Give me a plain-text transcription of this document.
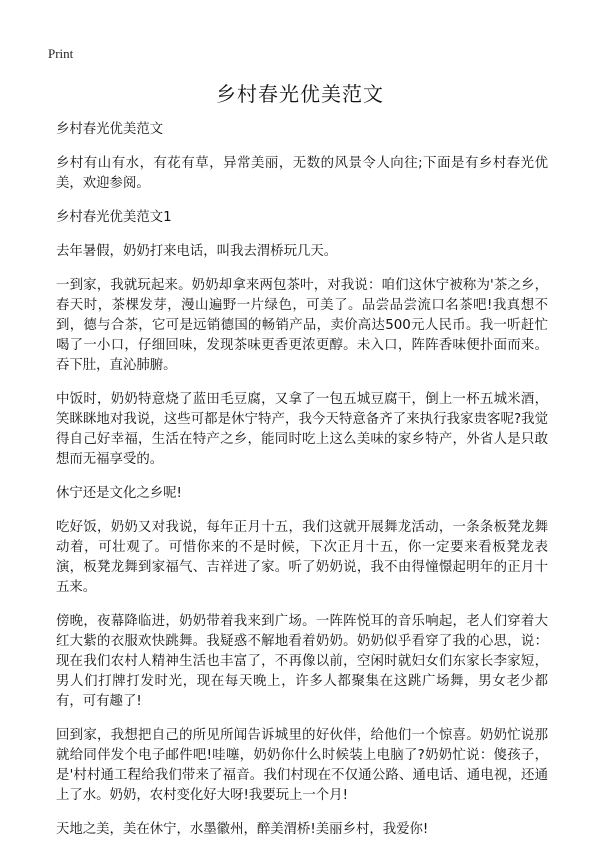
Print
乡村春光优美范文

乡村春光优美范文

乡村有山有水，有花有草，异常美丽，无数的风景令人向往;下面是有乡村春光优美，欢迎参阅。

乡村春光优美范文1

去年暑假，奶奶打来电话，叫我去渭桥玩几天。

一到家，我就玩起来。奶奶却拿来两包茶叶，对我说：咱们这休宁被称为'茶之乡，春天时，茶棵发芽，漫山遍野一片绿色，可美了。品尝品尝流口名茶吧!我真想不到，德与合茶，它可是远销德国的畅销产品，卖价高达500元人民币。我一听赶忙喝了一小口，仔细回味，发现茶味更香更浓更醇。未入口，阵阵香味便扑面而来。吞下肚，直沁肺腑。

中饭时，奶奶特意烧了蓝田毛豆腐，又拿了一包五城豆腐干，倒上一杯五城米酒，笑眯眯地对我说，这些可都是休宁特产，我今天特意备齐了来执行我家贵客呢?我觉得自己好幸福，生活在特产之乡，能同时吃上这么美味的家乡特产，外省人是只敢想而无福享受的。

休宁还是文化之乡呢!

吃好饭，奶奶又对我说，每年正月十五，我们这就开展舞龙活动，一条条板凳龙舞动着，可壮观了。可惜你来的不是时候，下次正月十五，你一定要来看板凳龙表演，板凳龙舞到家福气、吉祥进了家。听了奶奶说，我不由得憧憬起明年的正月十五来。

傍晚，夜幕降临进，奶奶带着我来到广场。一阵阵悦耳的音乐响起，老人们穿着大红大紫的衣服欢快跳舞。我疑惑不解地看着奶奶。奶奶似乎看穿了我的心思，说：现在我们农村人精神生活也丰富了，不再像以前，空闲时就妇女们东家长李家短，男人们打牌打发时光，现在每天晚上，许多人都聚集在这跳广场舞，男女老少都有，可有趣了!

回到家，我想把自己的所见所闻告诉城里的好伙伴，给他们一个惊喜。奶奶忙说那就给同伴发个电子邮件吧!哇噻，奶奶你什么时候装上电脑了?奶奶忙说：傻孩子，是'村村通工程给我们带来了福音。我们村现在不仅通公路、通电话、通电视，还通上了水。奶奶，农村变化好大呀!我要玩上一个月!

天地之美，美在休宁，水墨徽州，醉美渭桥!美丽乡村，我爱你!
